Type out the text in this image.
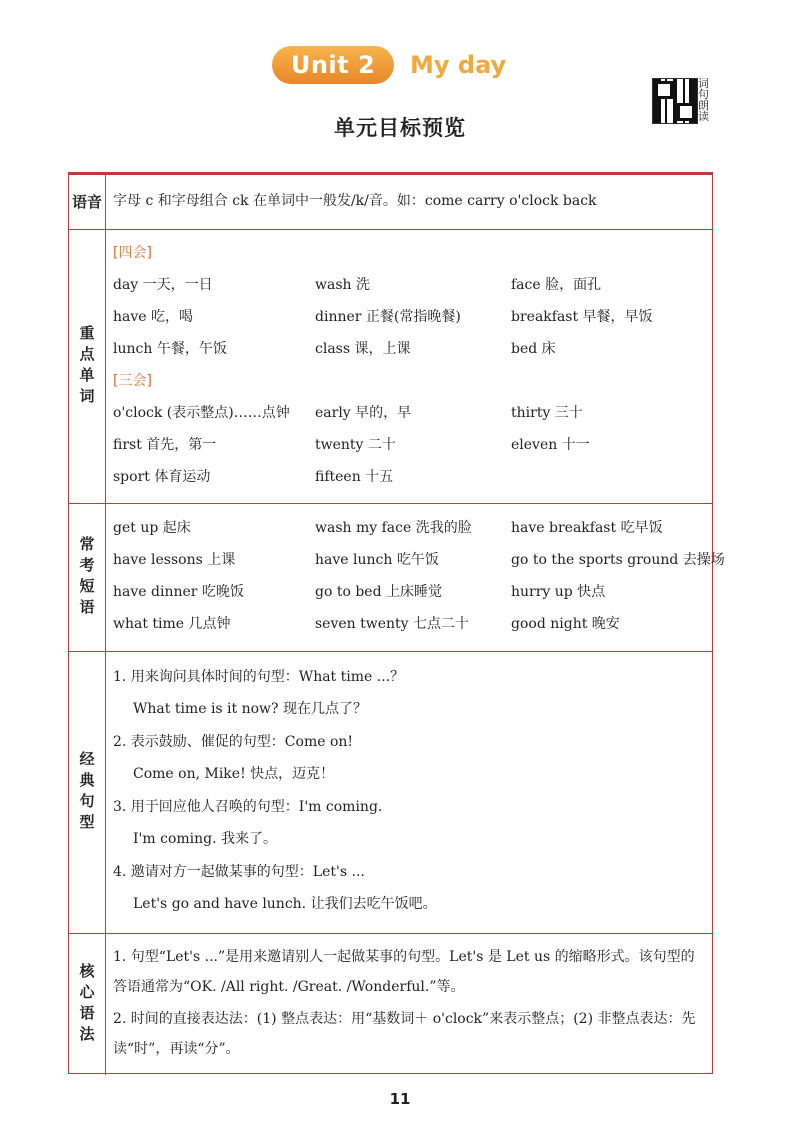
Unit 2	My day
词句朗读
单元目标预览
语音 字母 c 和字母组合 ck 在单词中一般发/k/音。如：come carry o'clock back
重点单词
[四会]
day 一天，一日	wash 洗	face 脸，面孔
have 吃，喝	dinner 正餐(常指晚餐)	breakfast 早餐，早饭
lunch 午餐，午饭	class 课，上课	bed 床
[三会]
o'clock (表示整点)……点钟 early 早的，早	thirty 三十
first 首先，第一	twenty 二十	eleven 十一
sport 体育运动	fifteen 十五
常考短语
get up 起床	wash my face 洗我的脸	have breakfast 吃早饭
have lessons 上课	have lunch 吃午饭	go to the sports ground 去操场
have dinner 吃晚饭	go to bed 上床睡觉	hurry up 快点
what time 几点钟	seven twenty 七点二十	good night 晚安
经典句型
1. 用来询问具体时间的句型：What time ...？
What time is it now? 现在几点了？
2. 表示鼓励、催促的句型：Come on!
Come on, Mike! 快点，迈克！
3. 用于回应他人召唤的句型：I'm coming.
I'm coming. 我来了。
4. 邀请对方一起做某事的句型：Let's ...
Let's go and have lunch. 让我们去吃午饭吧。
核心语法
1. 句型“Let's ...”是用来邀请别人一起做某事的句型。Let's 是 Let us 的缩略形式。该句型的答语通常为“OK. /All right. /Great. /Wonderful.”等。
2. 时间的直接表达法：(1) 整点表达：用“基数词＋ o'clock”来表示整点；(2) 非整点表达：先读“时”，再读“分”。
11
